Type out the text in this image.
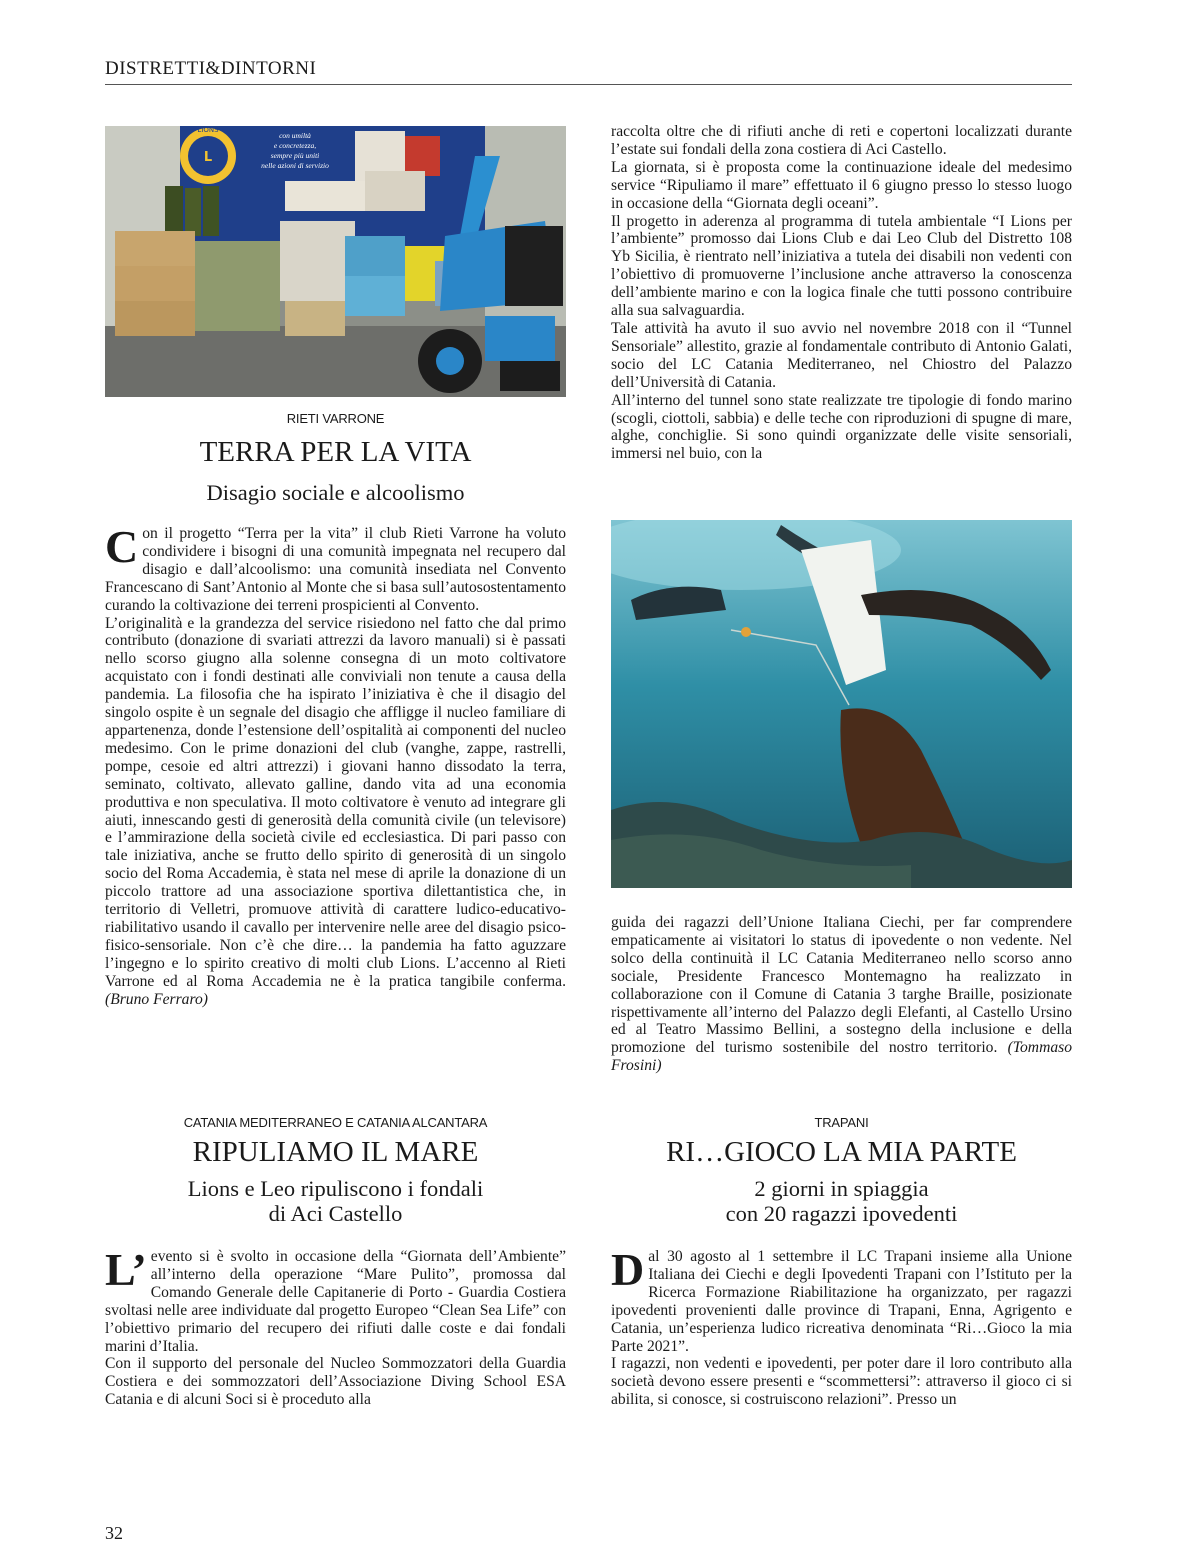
DISTRETTI&DINTORNI
L
LIONS
con umiltà
e concretezza,
sempre più uniti
nelle azioni di servizio
RIETI VARRONE
TERRA PER LA VITA
Disagio sociale e alcoolismo

Con il progetto “Terra per la vita” il club Rieti Varrone ha voluto condividere i bisogni di una comunità impegnata nel recupero dal disagio e dall’alcoolismo: una comunità insediata nel Convento Francescano di Sant’Antonio al Monte che si basa sull’autosostentamento curando la coltivazione dei terreni prospicienti al Convento.

L’originalità e la grandezza del service risiedono nel fatto che dal primo contributo (donazione di svariati attrezzi da lavoro manuali) si è passati nello scorso giugno alla solenne consegna di un moto coltivatore acquistato con i fondi destinati alle conviviali non tenute a causa della pandemia. La filosofia che ha ispirato l’iniziativa è che il disagio del singolo ospite è un segnale del disagio che affligge il nucleo familiare di appartenenza, donde l’estensione dell’ospitalità ai componenti del nucleo medesimo. Con le prime donazioni del club (vanghe, zappe, rastrelli, pompe, cesoie ed altri attrezzi) i giovani hanno dissodato la terra, seminato, coltivato, allevato galline, dando vita ad una economia produttiva e non speculativa. Il moto coltivatore è venuto ad integrare gli aiuti, innescando gesti di generosità della comunità civile (un televisore) e l’ammirazione della società civile ed ecclesiastica. Di pari passo con tale iniziativa, anche se frutto dello spirito di generosità di un singolo socio del Roma Accademia, è stata nel mese di aprile la donazione di un piccolo trattore ad una associazione sportiva dilettantistica che, in territorio di Velletri, promuove attività di carattere ludico-educativo-riabilitativo usando il cavallo per intervenire nelle aree del disagio psico-fisico-sensoriale. Non c’è che dire… la pandemia ha fatto aguzzare l’ingegno e lo spirito creativo di molti club Lions. L’accenno al Rieti Varrone ed al Roma Accademia ne è la pratica tangibile conferma. (Bruno Ferraro)

raccolta oltre che di rifiuti anche di reti e copertoni localizzati durante l’estate sui fondali della zona costiera di Aci Castello.

La giornata, si è proposta come la continuazione ideale del medesimo service “Ripuliamo il mare” effettuato il 6 giugno presso lo stesso luogo in occasione della “Giornata degli oceani”.

Il progetto in aderenza al programma di tutela ambientale “I Lions per l’ambiente” promosso dai Lions Club e dai Leo Club del Distretto 108 Yb Sicilia, è rientrato nell’iniziativa a tutela dei disabili non vedenti con l’obiettivo di promuoverne l’inclusione anche attraverso la conoscenza dell’ambiente marino e con la logica finale che tutti possono contribuire alla sua salvaguardia.

Tale attività ha avuto il suo avvio nel novembre 2018 con il “Tunnel Sensoriale” allestito, grazie al fondamentale contributo di Antonio Galati, socio del LC Catania Mediterraneo, nel Chiostro del Palazzo dell’Università di Catania.

All’interno del tunnel sono state realizzate tre tipologie di fondo marino (scogli, ciottoli, sabbia) e delle teche con riproduzioni di spugne di mare, alghe, conchiglie. Si sono quindi organizzate delle visite sensoriali, immersi nel buio, con la

guida dei ragazzi dell’Unione Italiana Ciechi, per far comprendere empaticamente ai visitatori lo status di ipovedente o non vedente. Nel solco della continuità il LC Catania Mediterraneo nello scorso anno sociale, Presidente Francesco Montemagno ha realizzato in collaborazione con il Comune di Catania 3 targhe Braille, posizionate rispettivamente all’interno del Palazzo degli Elefanti, al Castello Ursino ed al Teatro Massimo Bellini, a sostegno della inclusione e della promozione del turismo sostenibile del nostro territorio. (Tommaso Frosini)

CATANIA MEDITERRANEO E CATANIA ALCANTARA
RIPULIAMO IL MARE
Lions e Leo ripuliscono i fondali
di Aci Castello

L’ evento si è svolto in occasione della “Giornata dell’Ambiente” all’interno della operazione “Mare Pulito”, promossa dal Comando Generale delle Capitanerie di Porto - Guardia Costiera svoltasi nelle aree individuate dal progetto Europeo “Clean Sea Life” con l’obiettivo primario del recupero dei rifiuti dalle coste e dai fondali marini d’Italia.

Con il supporto del personale del Nucleo Sommozzatori della Guardia Costiera e dei sommozzatori dell’Associazione Diving School ESA Catania e di alcuni Soci si è proceduto alla

TRAPANI
RI…GIOCO LA MIA PARTE
2 giorni in spiaggia
con 20 ragazzi ipovedenti

Dal 30 agosto al 1 settembre il LC Trapani insieme alla Unione Italiana dei Ciechi e degli Ipovedenti Trapani con l’Istituto per la Ricerca Formazione Riabilitazione ha organizzato, per ragazzi ipovedenti provenienti dalle province di Trapani, Enna, Agrigento e Catania, un’esperienza ludico ricreativa denominata “Ri…Gioco la mia Parte 2021”.

I ragazzi, non vedenti e ipovedenti, per poter dare il loro contributo alla società devono essere presenti e “scommettersi”: attraverso il gioco ci si abilita, si conosce, si costruiscono relazioni”. Presso un

32
